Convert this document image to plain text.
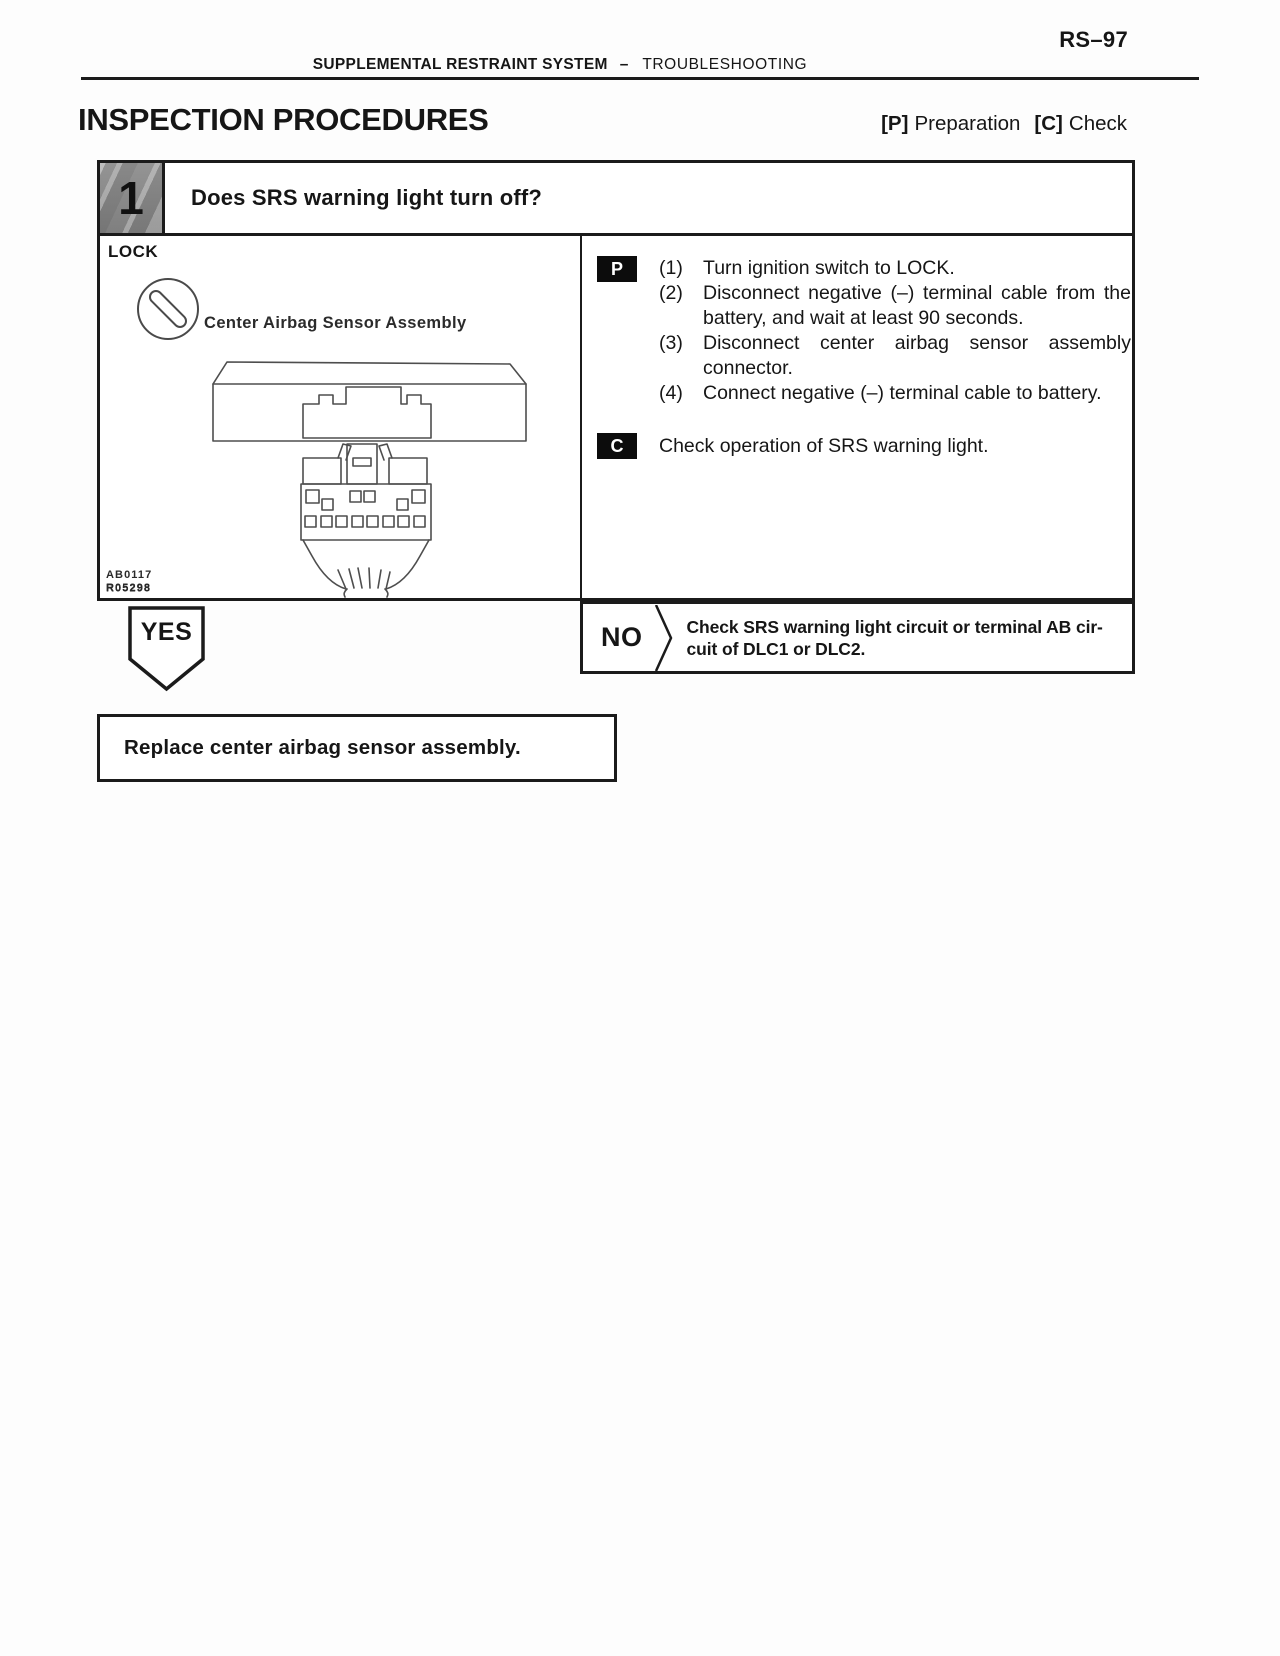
RS–97
SUPPLEMENTAL RESTRAINT SYSTEM – TROUBLESHOOTING
INSPECTION PROCEDURES	[P] Preparation [C] Check
1	Does SRS warning light turn off?
LOCK
Center Airbag Sensor Assembly
AB0117
R05298
P	(1)	Turn ignition switch to LOCK.
(2)	Disconnect negative (–) terminal cable from the battery, and wait at least 90 seconds.
(3)	Disconnect center airbag sensor assembly connector.
(4)	Connect negative (–) terminal cable to battery.
C	Check operation of SRS warning light.
NO	Check SRS warning light circuit or terminal AB cir-
cuit of DLC1 or DLC2.
YES
Replace center airbag sensor assembly.
